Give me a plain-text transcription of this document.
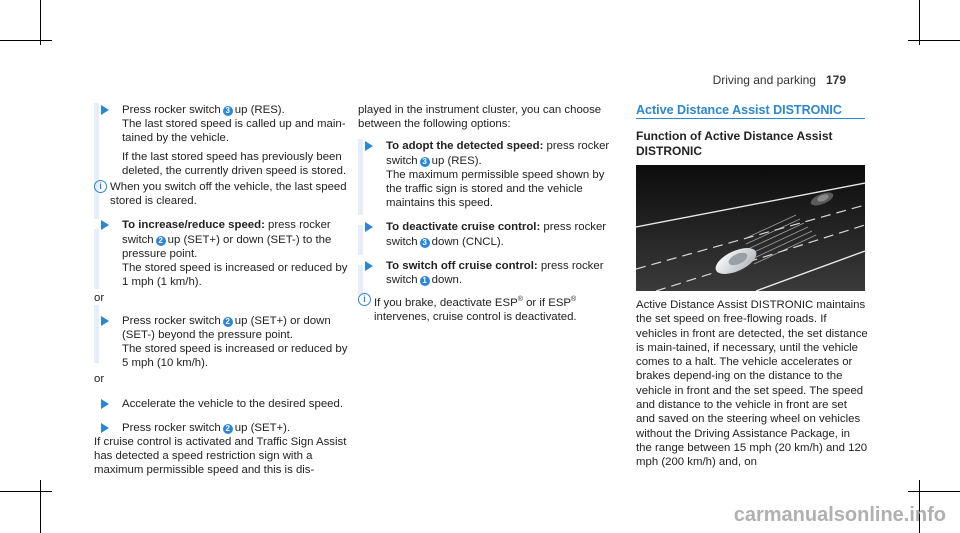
Driving and parking 179
Press rocker switch 3 up (RES).
The last stored speed is called up and main-tained by the vehicle.
If the last stored speed has previously been deleted, the currently driven speed is stored.
i When you switch off the vehicle, the last speed stored is cleared.
To increase/reduce speed: press rocker switch 2 up (SET+) or down (SET-) to the pressure point.
The stored speed is increased or reduced by 1 mph (1 km/h).
or
Press rocker switch 2 up (SET+) or down (SET-) beyond the pressure point.
The stored speed is increased or reduced by 5 mph (10 km/h).
or
Accelerate the vehicle to the desired speed.
Press rocker switch 2 up (SET+).
If cruise control is activated and Traffic Sign Assist has detected a speed restriction sign with a maximum permissible speed and this is dis-
played in the instrument cluster, you can choose between the following options:
To adopt the detected speed: press rocker switch 3 up (RES).
The maximum permissible speed shown by the traffic sign is stored and the vehicle maintains this speed.
To deactivate cruise control: press rocker switch 3 down (CNCL).
To switch off cruise control: press rocker switch 1 down.
i If you brake, deactivate ESP® or if ESP®
intervenes, cruise control is deactivated.
Active Distance Assist DISTRONIC
Function of Active Distance Assist DISTRONIC
Active Distance Assist DISTRONIC maintains the set speed on free-flowing roads. If vehicles in front are detected, the set distance is main-tained, if necessary, until the vehicle comes to a halt. The vehicle accelerates or brakes depend-ing on the distance to the vehicle in front and the set speed. The speed and distance to the vehicle in front are set and saved on the steering wheel on vehicles without the Driving Assistance Package, in the range between 15 mph (20 km/h) and 120 mph (200 km/h) and, on
carmanualsonline.info
